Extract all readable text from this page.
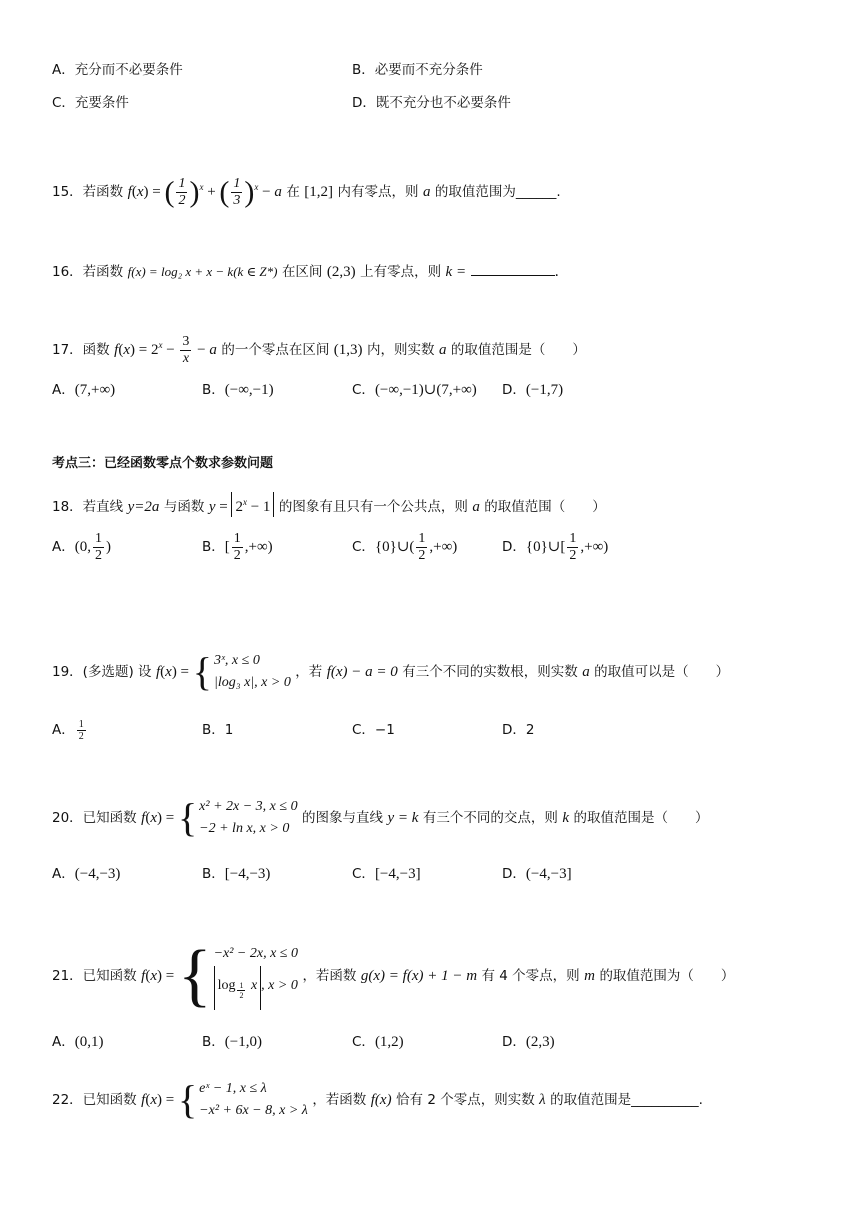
A．充分而不必要条件	B．必要而不充分条件
C．充要条件	D．既不充分也不必要条件
15．若函数 f(x) = ( $\frac{1}{2} )^x$ + ( $\frac{1}{3} )^x - a$ 在 [1,2] 内有零点，则 a 的取值范围为______.
16．若函数 f(x) = log₂ x + x − k(k ∈ Z*) 在区间 (2,3) 上有零点，则 k =	.
17．函数 $f(x) = 2^x - \frac{3}{x} - a$ 的一个零点在区间 (1,3) 内，则实数 a 的取值范围是（　　）
A．(7,+∞)	B．(−∞,−1)	C．(−∞,−1)∪(7,+∞) D．(−1,7)
考点三：已经函数零点个数求参数问题
18．若直线 y=2a 与函数 $y = 2^x - 1$ 的图象有且只有一个公共点，则 a 的取值范围（　　）
A．(0, $\frac{1}{2}$ )	B．[ $\frac{1}{2}$ ,+∞)	C．{0}∪( $\frac{1}{2}$ ,+∞)	D．{0}∪[ $\frac{1}{2}$ ,+∞)
19．(多选题) 设 f(x) = { 3ˣ, x ≤ 0
|log₃ x|, x > 0
，若 f(x) − a = 0 有三个不同的实数根，则实数 a 的取值可以是（　　）
A． $\frac{1}{2}$	B．1	C．−1	D．2
20．已知函数 f(x) = { x² + 2x − 3, x ≤ 0
−2 + ln x, x > 0
的图象与直线 y = k 有三个不同的交点，则 k 的取值范围是（　　）
A．(−4,−3)	B．[−4,−3)	C．[−4,−3]	D．(−4,−3]
21．已知函数 f(x) = { −x² − 2x, x ≤ 0
log $_{\frac{1}{2}}$ x , x > 0
，若函数 g(x) = f(x) + 1 − m 有 4 个零点，则 m 的取值范围为（　　）
A．(0,1)	B．(−1,0)	C．(1,2)	D．(2,3)
22．已知函数 f(x) = { eˣ − 1, x ≤ λ
−x² + 6x − 8, x > λ
，若函数 f(x) 恰有 2 个零点，则实数 λ 的取值范围是__________.
